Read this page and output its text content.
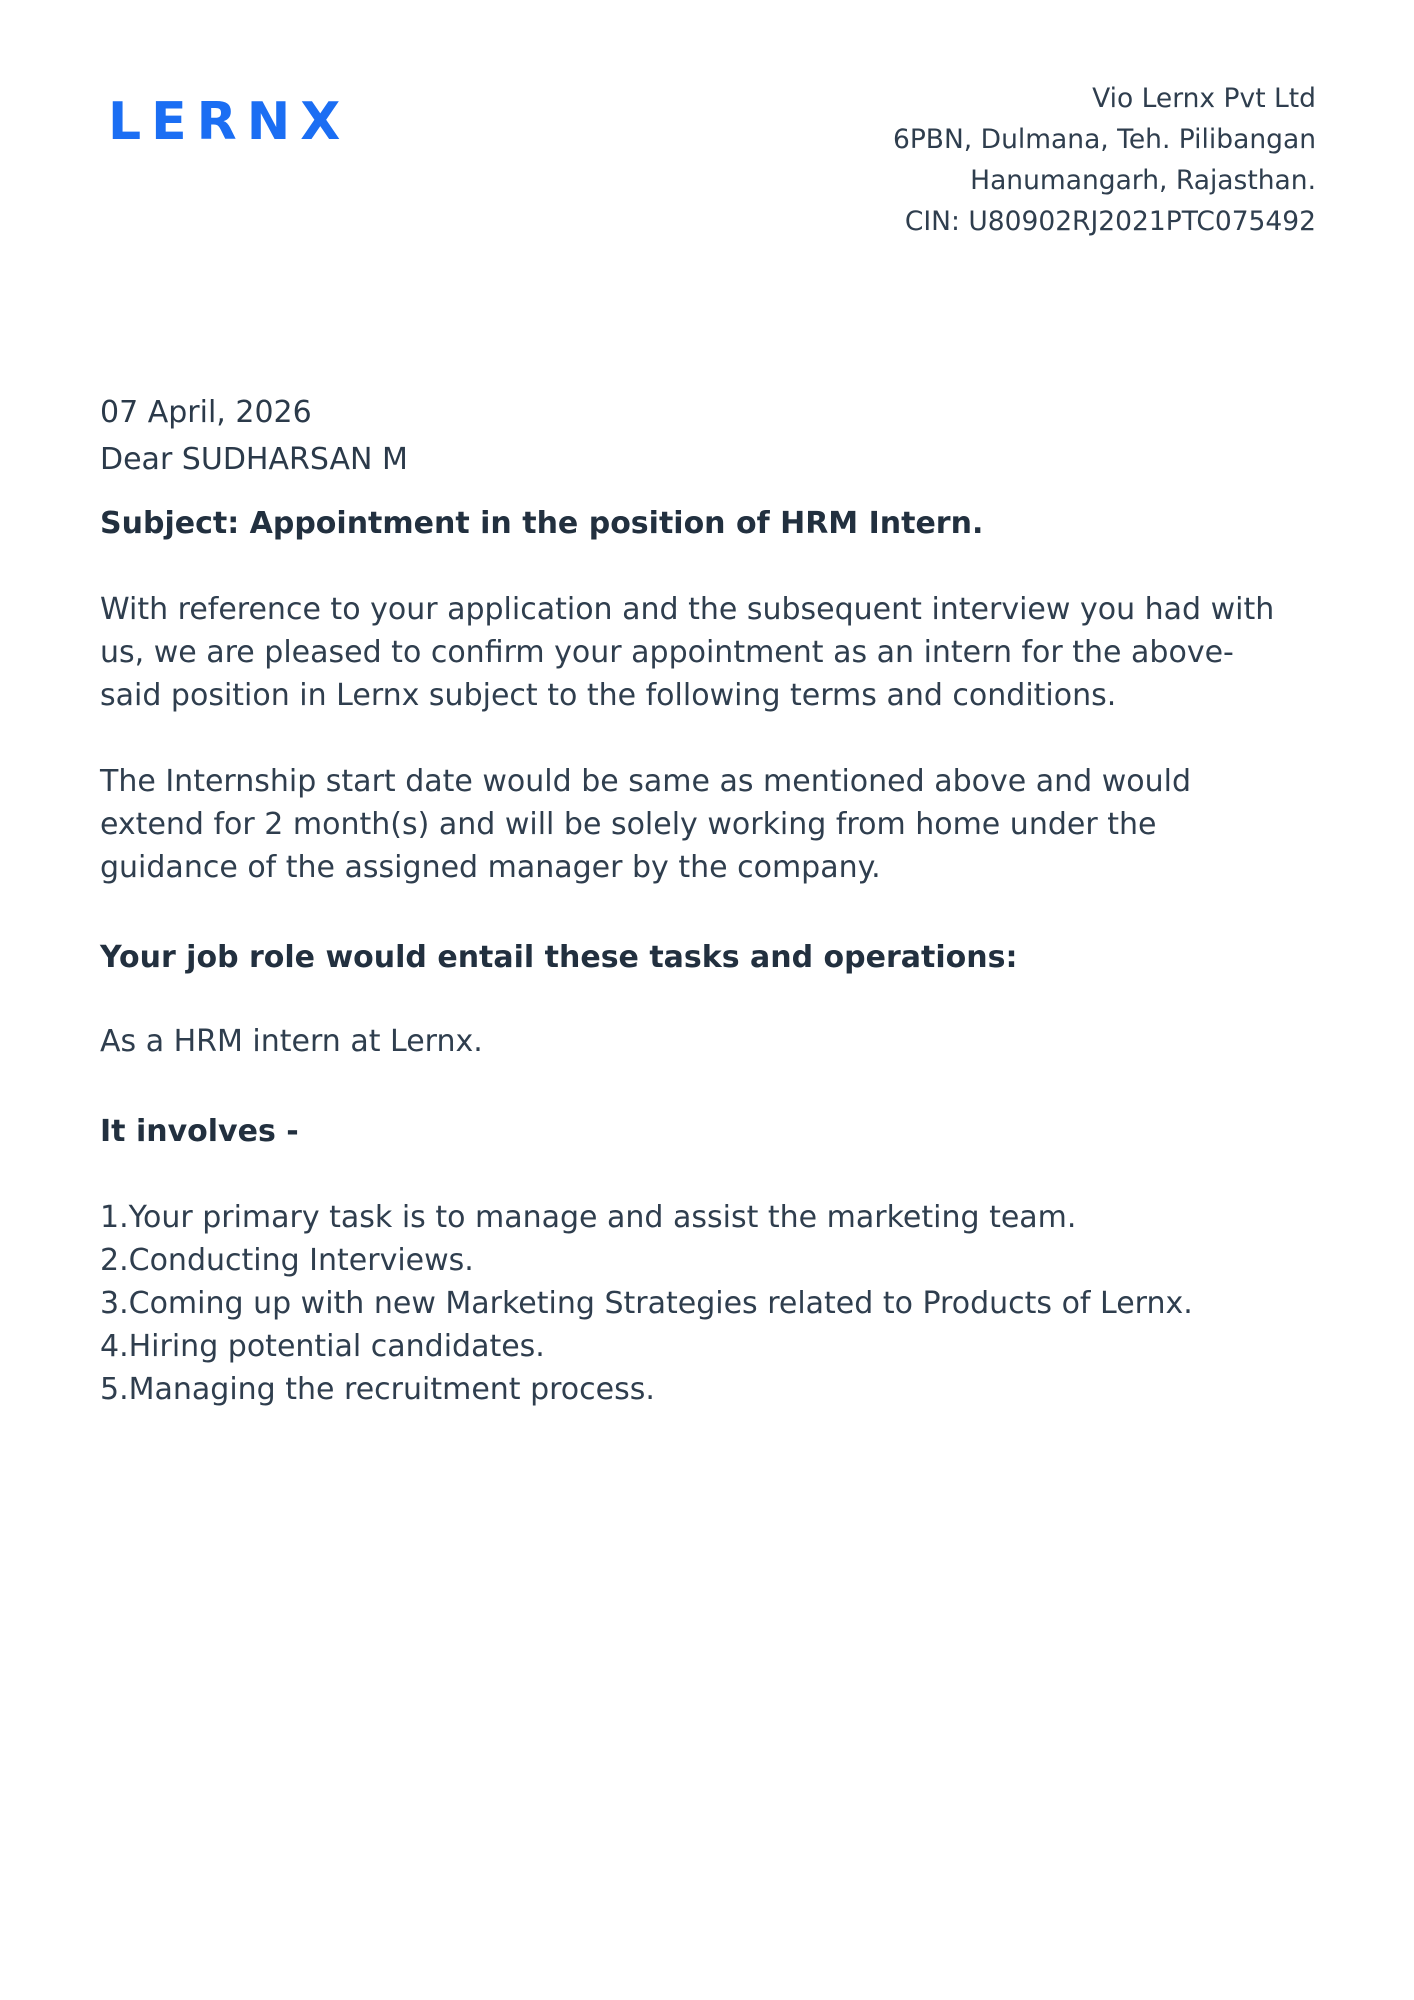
LERNX	Vio Lernx Pvt Ltd
6PBN, Dulmana, Teh. Pilibangan
Hanumangarh, Rajasthan.
CIN: U80902RJ2021PTC075492
07 April, 2026
Dear SUDHARSAN M
Subject: Appointment in the position of HRM Intern.
With reference to your application and the subsequent interview you had with us, we are pleased to confirm your appointment as an intern for the above-said position in Lernx subject to the following terms and conditions.
The Internship start date would be same as mentioned above and would extend for 2 month(s) and will be solely working from home under the guidance of the assigned manager by the company.
Your job role would entail these tasks and operations:
As a HRM intern at Lernx.
It involves -
1.Your primary task is to manage and assist the marketing team.
2.Conducting Interviews.
3.Coming up with new Marketing Strategies related to Products of Lernx.
4.Hiring potential candidates.
5.Managing the recruitment process.
